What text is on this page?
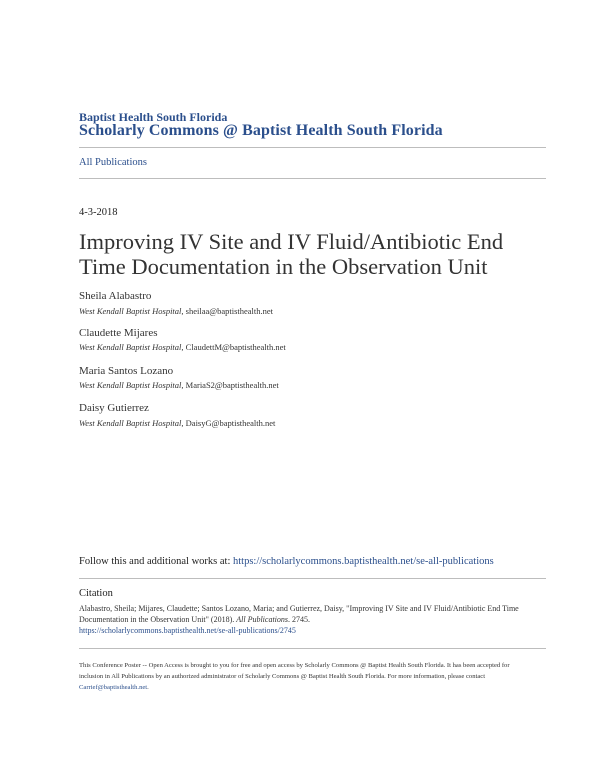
Baptist Health South Florida
Scholarly Commons @ Baptist Health South Florida
All Publications
4-3-2018
Improving IV Site and IV Fluid/Antibiotic End Time Documentation in the Observation Unit
Sheila Alabastro
West Kendall Baptist Hospital, sheilaa@baptisthealth.net
Claudette Mijares
West Kendall Baptist Hospital, ClaudettM@baptisthealth.net
Maria Santos Lozano
West Kendall Baptist Hospital, MariaS2@baptisthealth.net
Daisy Gutierrez
West Kendall Baptist Hospital, DaisyG@baptisthealth.net
Follow this and additional works at: https://scholarlycommons.baptisthealth.net/se-all-publications
Citation
Alabastro, Sheila; Mijares, Claudette; Santos Lozano, Maria; and Gutierrez, Daisy, "Improving IV Site and IV Fluid/Antibiotic End Time Documentation in the Observation Unit" (2018). All Publications. 2745.
https://scholarlycommons.baptisthealth.net/se-all-publications/2745
This Conference Poster -- Open Access is brought to you for free and open access by Scholarly Commons @ Baptist Health South Florida. It has been accepted for inclusion in All Publications by an authorized administrator of Scholarly Commons @ Baptist Health South Florida. For more information, please contact Carrief@baptisthealth.net.
